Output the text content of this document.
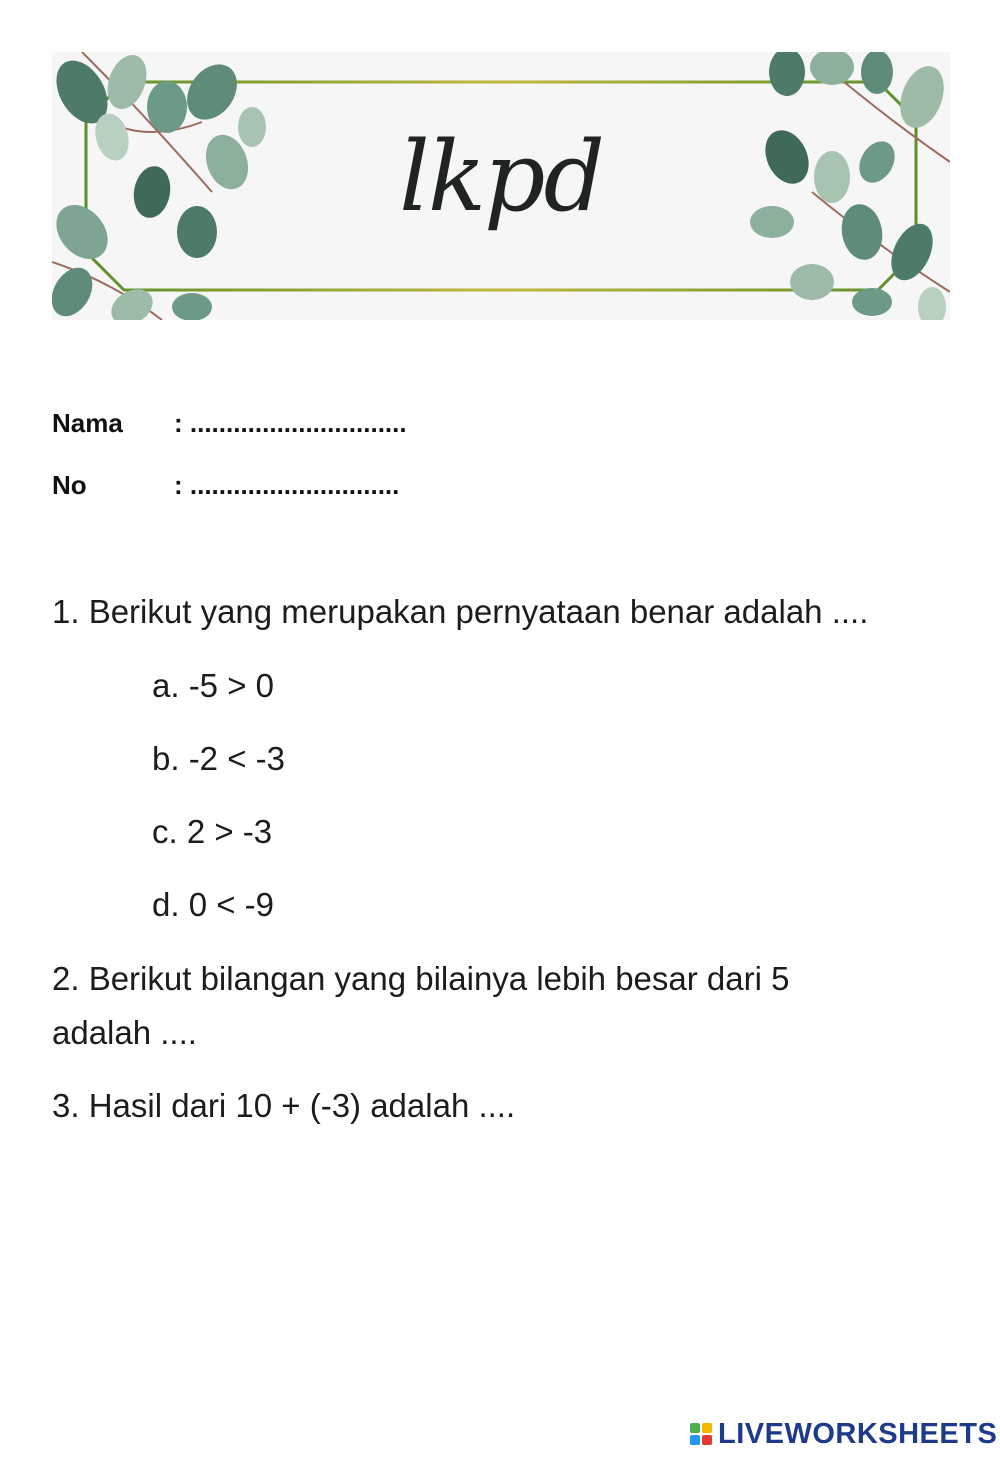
lkpd
Nama : ..............................
No	: .............................
1. Berikut yang merupakan pernyataan benar adalah ....
a. -5 > 0
b. -2 < -3
c. 2 > -3
d. 0 < -9
2. Berikut bilangan yang bilainya lebih besar dari 5
adalah ....
3. Hasil dari 10 + (-3) adalah ....
LIVEWORKSHEETS
